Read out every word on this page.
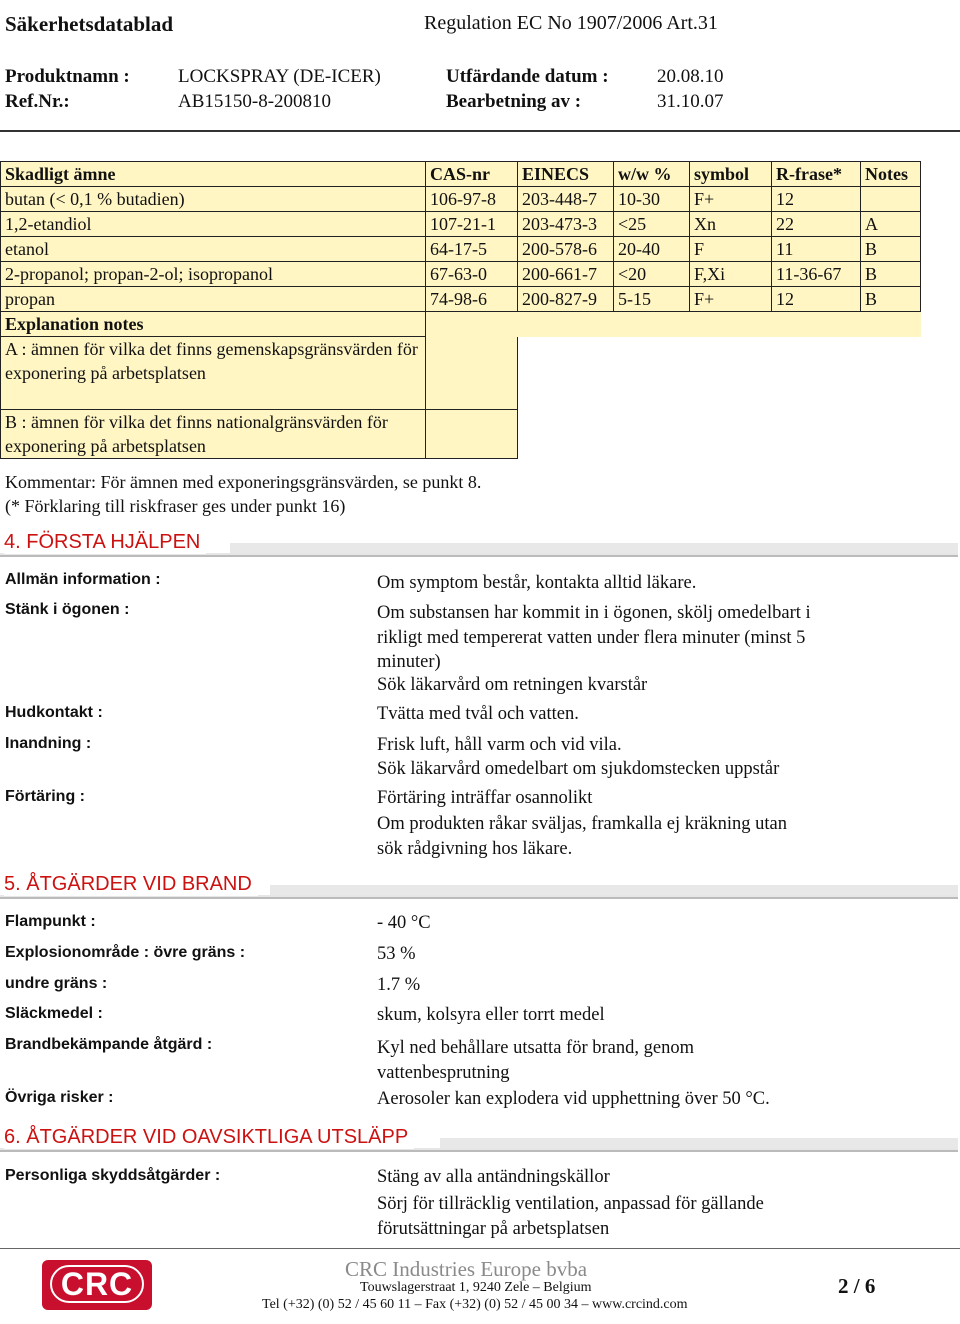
Säkerhetsdatablad	Regulation EC No 1907/2006 Art.31
Produktnamn :	LOCKSPRAY (DE-ICER)	Utfärdande datum :	20.08.10
Ref.Nr.:	AB15150-8-200810	Bearbetning av :	31.10.07
Skadligt ämne	CAS-nr	EINECS	w/w %	symbol	R-frase*	Notes
butan (< 0,1 % butadien)	106-97-8	203-448-7	10-30	F+	12	
1,2-etandiol	107-21-1	203-473-3	<25	Xn	22	A
etanol	64-17-5	200-578-6	20-40	F	11	B
2-propanol; propan-2-ol; isopropanol	67-63-0	200-661-7	<20	F,Xi	11-36-67	B
propan	74-98-6	200-827-9	5-15	F+	12	B
Explanation notes						
A : ämnen för vilka det finns gemenskapsgränsvärden för exponering på arbetsplatsen						
B : ämnen för vilka det finns nationalgränsvärden för exponering på arbetsplatsen						
Kommentar: För ämnen med exponeringsgränsvärden, se punkt 8.
(* Förklaring till riskfraser ges under punkt 16)
4. FÖRSTA HJÄLPEN
Allmän information :	Om symptom består, kontakta alltid läkare.
Stänk i ögonen :	Om substansen har kommit in i ögonen, skölj omedelbart i rikligt med tempererat vatten under flera minuter (minst 5 minuter)
Sök läkarvård om retningen kvarstår
Hudkontakt :	Tvätta med tvål och vatten.
Inandning :	Frisk luft, håll varm och vid vila.
Sök läkarvård omedelbart om sjukdomstecken uppstår
Förtäring :	Förtäring inträffar osannolikt
Om produkten råkar sväljas, framkalla ej kräkning utan sök rådgivning hos läkare.
5. ÅTGÄRDER VID BRAND
Flampunkt :	- 40 °C
Explosionområde : övre gräns :	53 %
undre gräns :	1.7 %
Släckmedel :	skum, kolsyra eller torrt medel
Brandbekämpande åtgärd :	Kyl ned behållare utsatta för brand, genom vattenbesprutning
Övriga risker :	Aerosoler kan explodera vid upphettning över 50 °C.
6. ÅTGÄRDER VID OAVSIKTLIGA UTSLÄPP
Personliga skyddsåtgärder :	Stäng av alla antändningskällor
Sörj för tillräcklig ventilation, anpassad för gällande förutsättningar på arbetsplatsen
CRC	CRC Industries Europe bvba
Touwslagerstraat 1, 9240 Zele – Belgium
Tel (+32) (0) 52 / 45 60 11 – Fax (+32) (0) 52 / 45 00 34 – www.crcind.com
2 / 6
